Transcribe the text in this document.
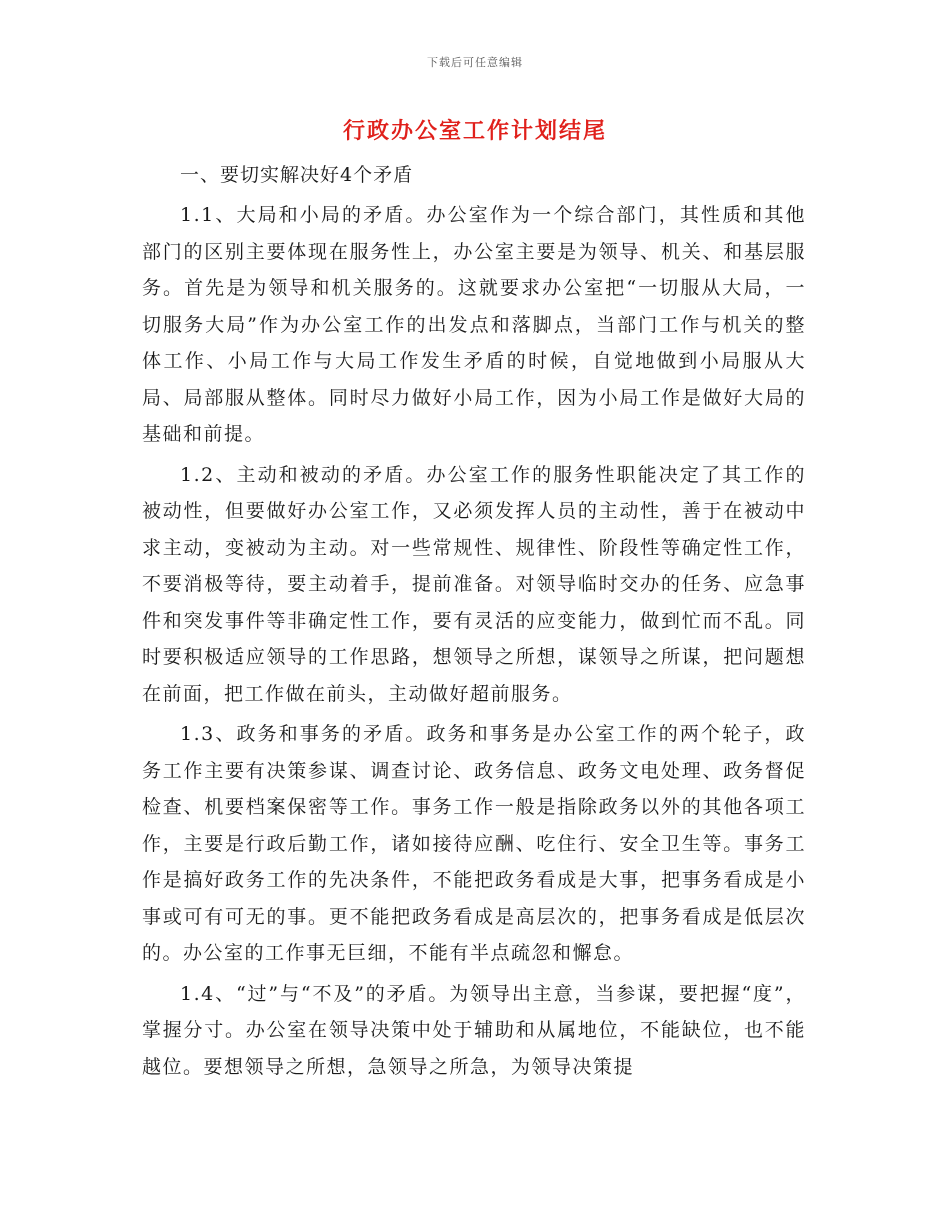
下载后可任意编辑
行政办公室工作计划结尾

一、要切实解决好4个矛盾

1.1、大局和小局的矛盾。办公室作为一个综合部门，其性质和其他部门的区别主要体现在服务性上，办公室主要是为领导、机关、和基层服务。首先是为领导和机关服务的。这就要求办公室把“一切服从大局，一切服务大局”作为办公室工作的出发点和落脚点，当部门工作与机关的整体工作、小局工作与大局工作发生矛盾的时候，自觉地做到小局服从大局、局部服从整体。同时尽力做好小局工作，因为小局工作是做好大局的基础和前提。

1.2、主动和被动的矛盾。办公室工作的服务性职能决定了其工作的被动性，但要做好办公室工作，又必须发挥人员的主动性，善于在被动中求主动，变被动为主动。对一些常规性、规律性、阶段性等确定性工作，不要消极等待，要主动着手，提前准备。对领导临时交办的任务、应急事件和突发事件等非确定性工作，要有灵活的应变能力，做到忙而不乱。同时要积极适应领导的工作思路，想领导之所想，谋领导之所谋，把问题想在前面，把工作做在前头，主动做好超前服务。

1.3、政务和事务的矛盾。政务和事务是办公室工作的两个轮子，政务工作主要有决策参谋、调查讨论、政务信息、政务文电处理、政务督促检查、机要档案保密等工作。事务工作一般是指除政务以外的其他各项工作，主要是行政后勤工作，诸如接待应酬、吃住行、安全卫生等。事务工作是搞好政务工作的先决条件，不能把政务看成是大事，把事务看成是小事或可有可无的事。更不能把政务看成是高层次的，把事务看成是低层次的。办公室的工作事无巨细，不能有半点疏忽和懈怠。

1.4、“过”与“不及”的矛盾。为领导出主意，当参谋，要把握“度”，掌握分寸。办公室在领导决策中处于辅助和从属地位，不能缺位，也不能越位。要想领导之所想，急领导之所急，为领导决策提
